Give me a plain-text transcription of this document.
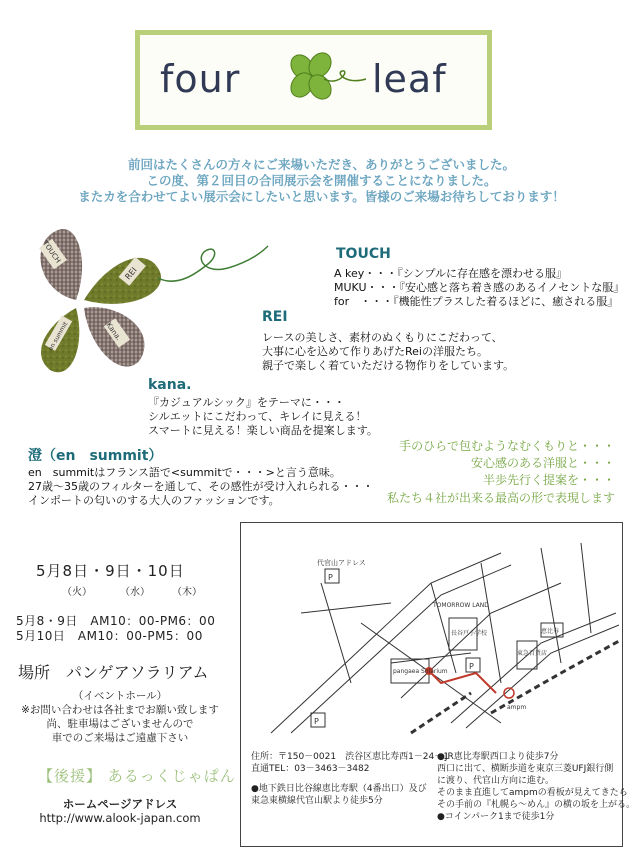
four	leaf
前回はたくさんの方々にご来場いただき、ありがとうございました。
この度、第２回目の合同展示会を開催することになりました。
またカを合わせてよい展示会にしたいと思います。皆様のご来場お待ちしております！
TOUCH
REI
en summit	Kana.
TOUCH
A key・・・『シンプルに存在感を漂わせる服』
MUKU・・・『安心感と落ち着き感のあるイノセントな服』
for　・・・『機能性プラスした着るほどに、癒される服』
REI
レースの美しさ、素材のぬくもりにこだわって、
大事に心を込めて作りあげたReiの洋服たち。
親子で楽しく着ていただける物作りをしています。
kana.
『カジュアルシック』をテーマに・・・
シルエットにこだわって、キレイに見える！
スマートに見える！楽しい商品を提案します。
澄（en　summit）
en　summitはフランス語で<summitで・・・>と言う意味。
27歳～35歳のフィルターを通して、その感性が受け入れられる・・・
インポートの匂いのする大人のファッションです。
手のひらで包むようなむくもりと・・・
安心感のある洋服と・・・
半歩先行く提案を・・・
私たち４社が出来る最高の形で表現します
5月8日・9日・10日
（火）	（水） （木）
5月8・9日　AM10：00-PM6：00
5月10日　AM10：00-PM5：00
場所　パンゲアソラリアム
（イベントホール）
※お問い合わせは各社までお願い致します
尚、駐車場はございませんので
車でのご来場はご遠慮下さい
【後援】 あるっくじゃぱん
ホームページアドレス
http://www.alook-japan.com
代官山アドレス
P
P
P
TOMORROW LAND
pangaea Solarium
長谷戸小学校
ampm
恵比寿
東急百貨店
住所：〒150－0021　渋谷区恵比寿西1－24－1
直通TEL：03－3463－3482
●地下鉄日比谷線恵比寿駅（4番出口）及び
東急東横線代官山駅より徒歩5分
●JR恵比寿駅西口より徒歩7分
西口に出て、横断歩道を東京三菱UFJ銀行側
に渡り、代官山方向に進む。
そのまま直進してampmの看板が見えてきたら
その手前の『札幌ら～めん』の横の坂を上がる。
●コインパーク1まで徒歩1分
